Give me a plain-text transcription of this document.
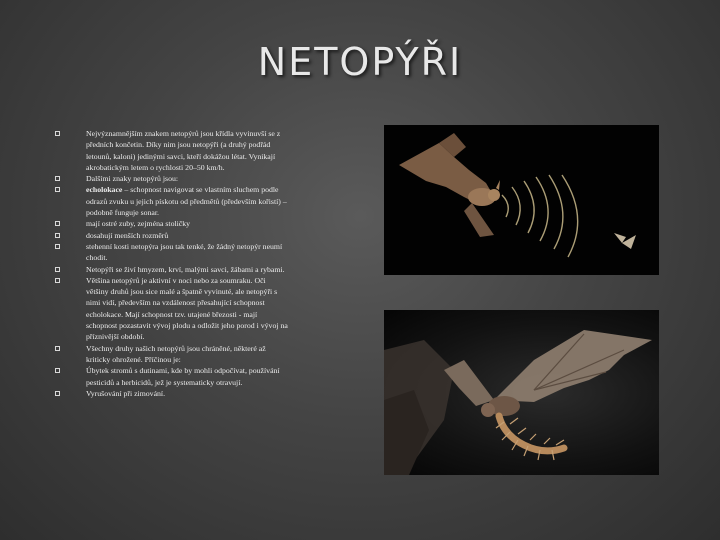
NETOPÝŘI
Nejvýznamnějším znakem netopýrů jsou křídla vyvinuvší se z
předních končetin. Díky nim jsou netopýři (a druhý podřád
letounů, kaloni) jedinými savci, kteří dokážou létat. Vynikají
akrobatickým letem o rychlosti 20–50 km/h.
Dalšími znaky netopýrů jsou:
echolokace – schopnost navigovat se vlastním sluchem podle
odrazů zvuku u jejich pískotu od předmětů (především kořistí) –
podobně funguje sonar.
mají ostré zuby, zejména stoličky
dosahují menších rozměrů
stehenní kosti netopýra jsou tak tenké, že žádný netopýr neumí
chodit.
Netopýři se živí hmyzem, krví, malými savci, žábami a rybami.
Většina netopýrů je aktivní v noci nebo za soumraku. Oči
většiny druhů jsou sice malé a špatně vyvinuté, ale netopýři s
nimi vidí, především na vzdálenost přesahující schopnost
echolokace. Mají schopnost tzv. utajené březosti - mají
schopnost pozastavit vývoj plodu a odložit jeho porod i vývoj na
příznivější období.
Všechny druhy našich netopýrů jsou chráněné, některé až
kriticky ohrožené. Příčinou je:
Úbytek stromů s dutinami, kde by mohli odpočívat, používání
pesticidů a herbicidů, jež je systematicky otravují.
Vyrušování při zimování.
